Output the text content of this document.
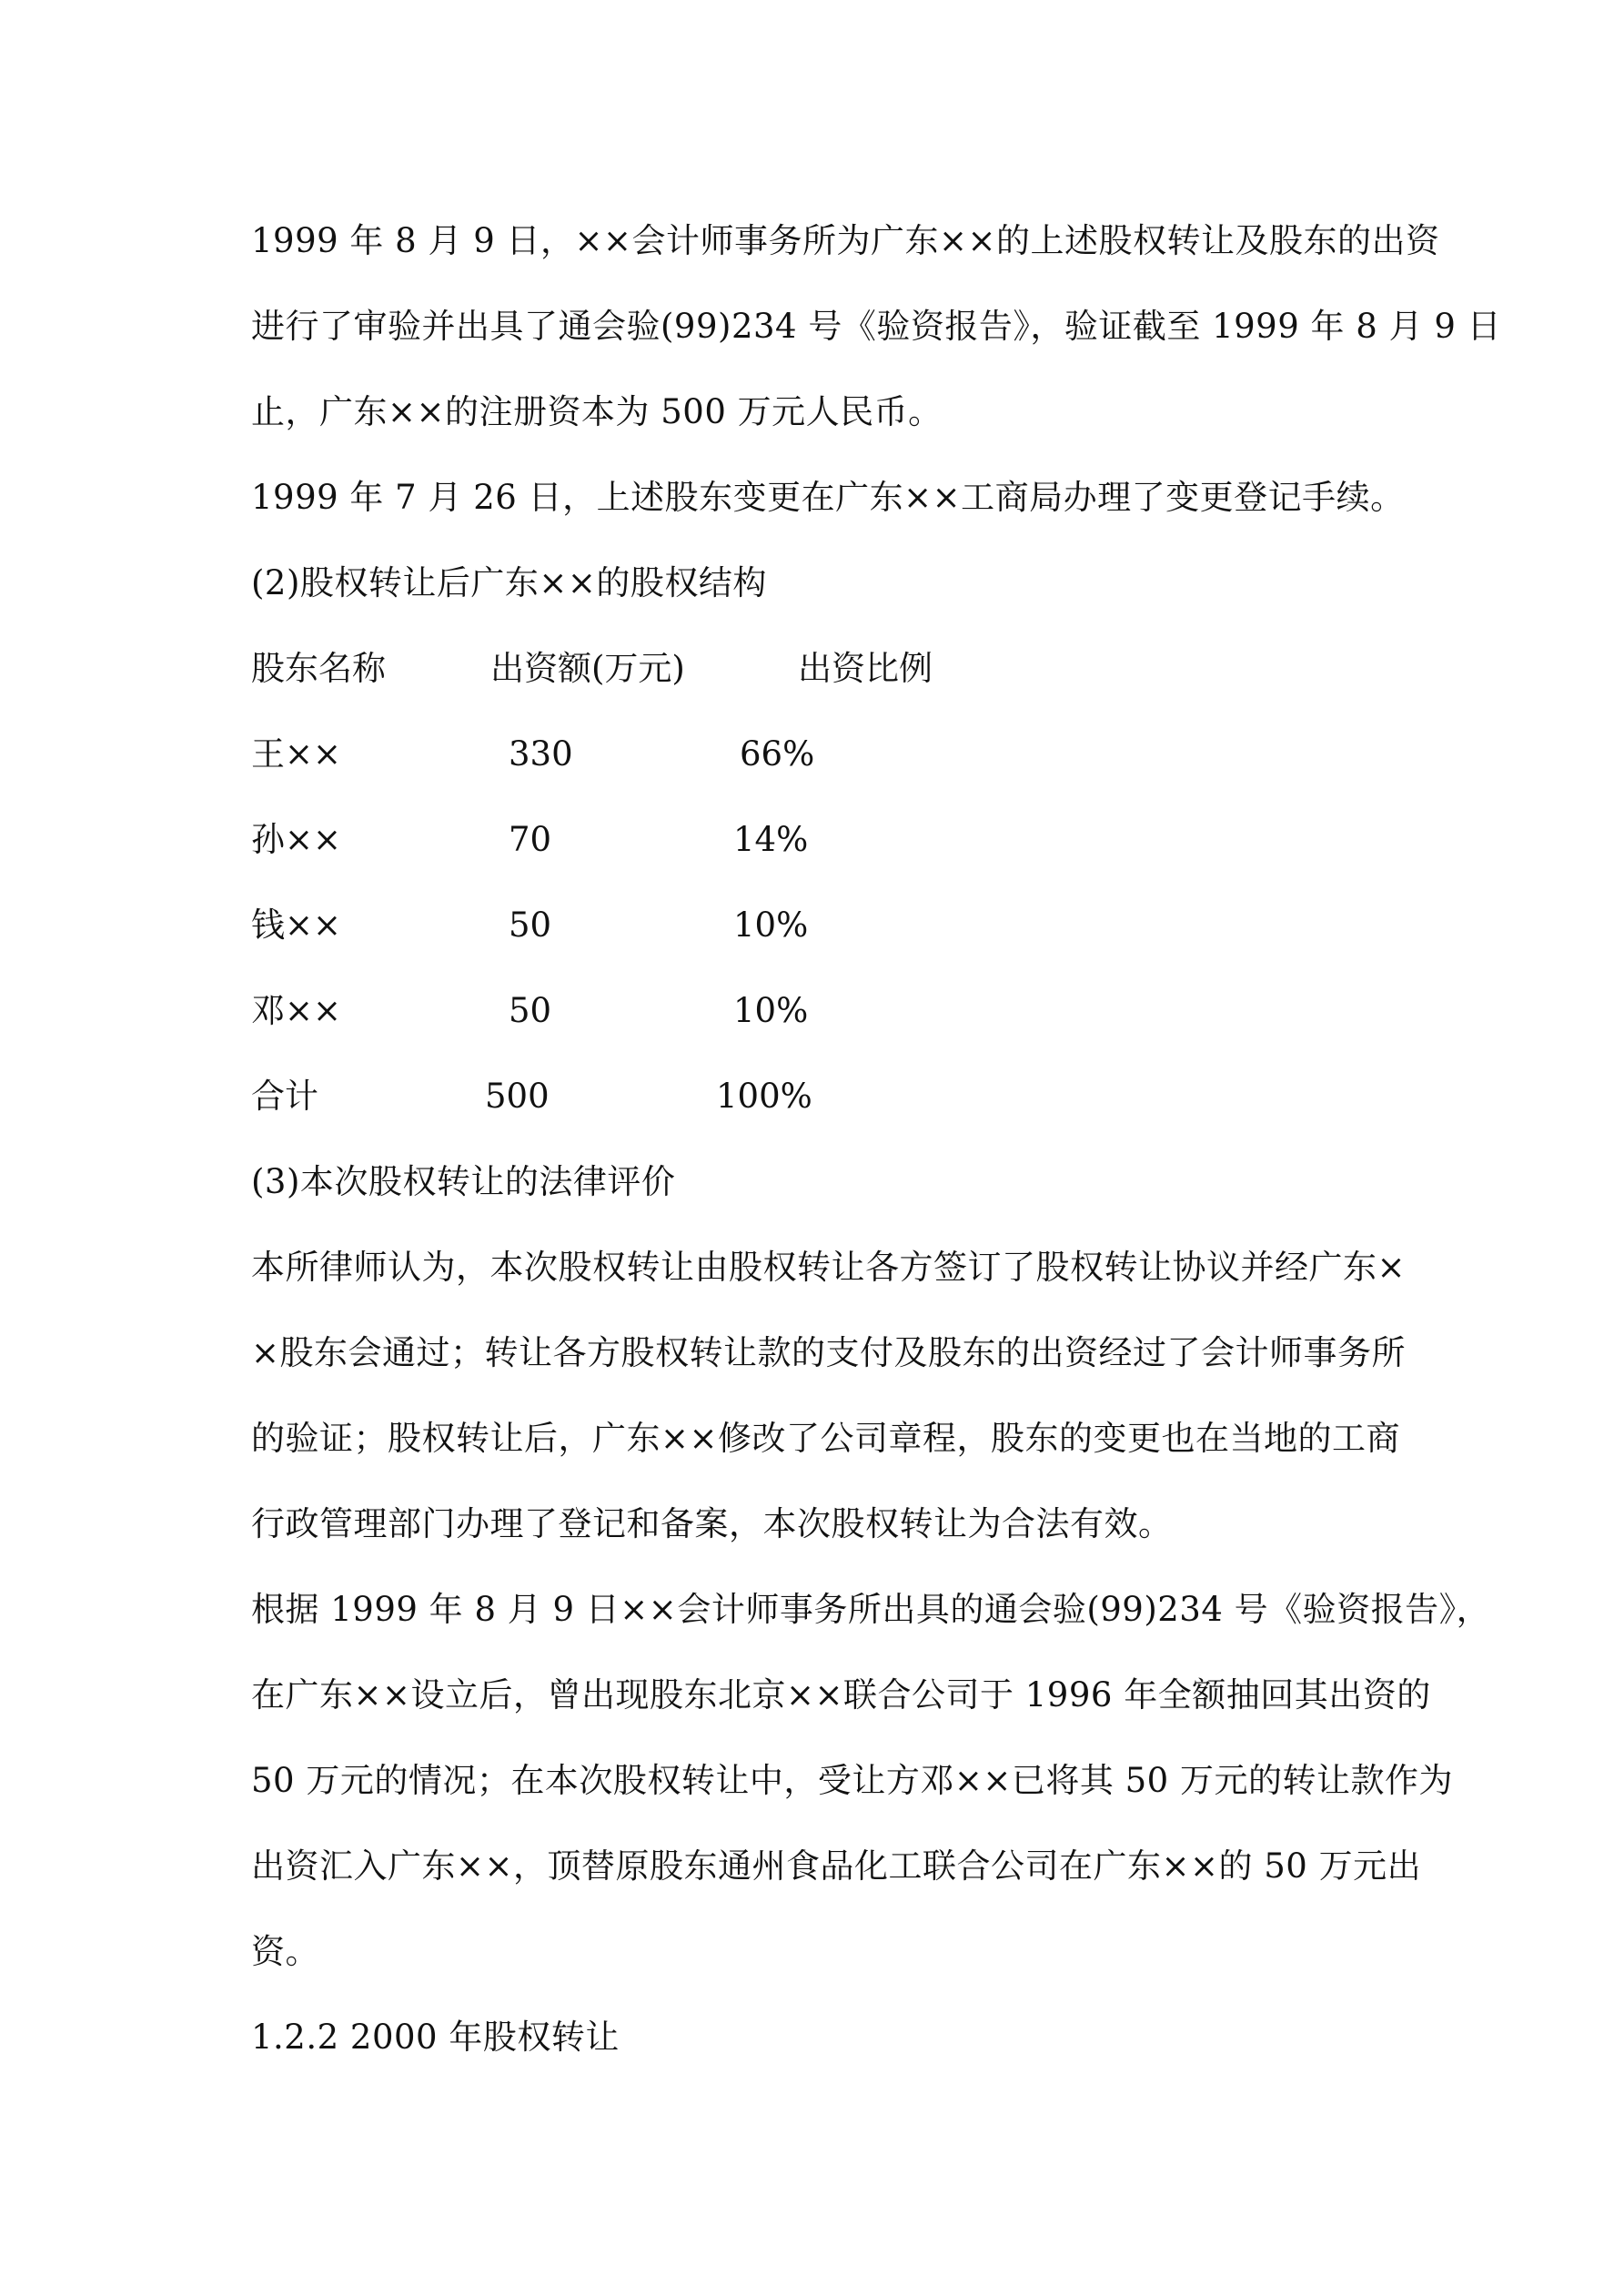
1999 年 8 月 9 日，××会计师事务所为广东××的上述股权转让及股东的出资
进行了审验并出具了通会验(99)234 号《验资报告》，验证截至 1999 年 8 月 9 日
止，广东××的注册资本为 500 万元人民币。
1999 年 7 月 26 日，上述股东变更在广东××工商局办理了变更登记手续。
(2)股权转让后广东××的股权结构
股东名称	出资额(万元)	出资比例
王××	330	66%
孙××	70	14%
钱××	50	10%
邓××	50	10%
合计	500	100%
(3)本次股权转让的法律评价
本所律师认为，本次股权转让由股权转让各方签订了股权转让协议并经广东×
×股东会通过；转让各方股权转让款的支付及股东的出资经过了会计师事务所
的验证；股权转让后，广东××修改了公司章程，股东的变更也在当地的工商
行政管理部门办理了登记和备案，本次股权转让为合法有效。
根据 1999 年 8 月 9 日××会计师事务所出具的通会验(99)234 号《验资报告》，
在广东××设立后，曾出现股东北京××联合公司于 1996 年全额抽回其出资的
50 万元的情况；在本次股权转让中，受让方邓××已将其 50 万元的转让款作为
出资汇入广东××，顶替原股东通州食品化工联合公司在广东××的 50 万元出
资。
1.2.2 2000 年股权转让
